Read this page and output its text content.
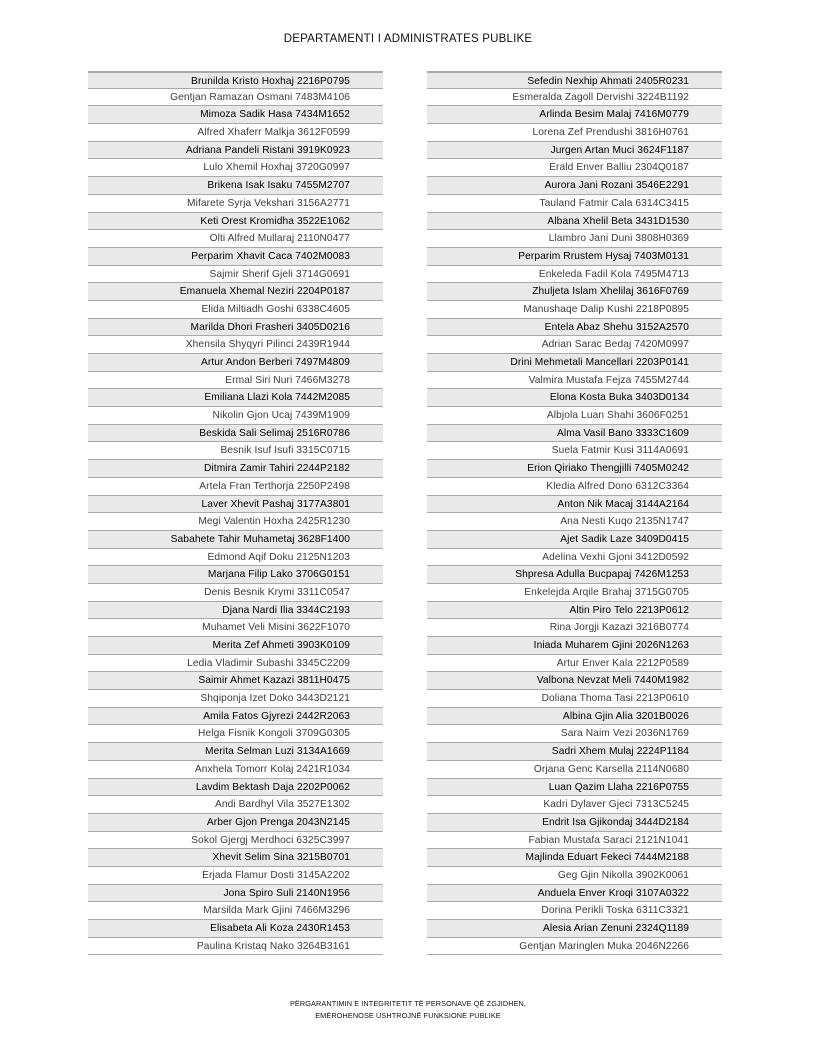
DEPARTAMENTI I ADMINISTRATES PUBLIKE
Brunilda Kristo Hoxhaj 2216P0795
Gentjan Ramazan Osmani 7483M4106
Mimoza Sadik Hasa 7434M1652
Alfred Xhaferr Malkja 3612F0599
Adriana Pandeli Ristani 3919K0923
Lulo Xhemil Hoxhaj 3720G0997
Brikena Isak Isaku 7455M2707
Mifarete Syrja Vekshari 3156A2771
Keti Orest Kromidha 3522E1062
Olti Alfred Mullaraj 2110N0477
Perparim Xhavit Caca 7402M0083
Sajmir Sherif Gjeli 3714G0691
Emanuela Xhemal Neziri 2204P0187
Elida Miltiadh Goshi 6338C4605
Marilda Dhori Frasheri 3405D0216
Xhensila Shyqyri Pilinci 2439R1944
Artur Andon Berberi 7497M4809
Ermal Siri Nuri 7466M3278
Emiliana Llazi Kola 7442M2085
Nikolin Gjon Ucaj 7439M1909
Beskida Sali Selimaj 2516R0786
Besnik Isuf Isufi 3315C0715
Ditmira Zamir Tahiri 2244P2182
Artela Fran Terthorja 2250P2498
Laver Xhevit Pashaj 3177A3801
Megi Valentin Hoxha 2425R1230
Sabahete Tahir Muhametaj 3628F1400
Edmond Aqif Doku 2125N1203
Marjana Filip Lako 3706G0151
Denis Besnik Krymi 3311C0547
Djana Nardi Ilia 3344C2193
Muhamet Veli Misini 3622F1070
Merita Zef Ahmeti 3903K0109
Ledia Vladimir Subashi 3345C2209
Saimir Ahmet Kazazi 3811H0475
Shqiponja Izet Doko 3443D2121
Amila Fatos Gjyrezi 2442R2063
Helga Fisnik Kongoli 3709G0305
Merita Selman Luzi 3134A1669
Anxhela Tomorr Kolaj 2421R1034
Lavdim Bektash Daja 2202P0062
Andi Bardhyl Vila 3527E1302
Arber Gjon Prenga 2043N2145
Sokol Gjergj Merdhoci 6325C3997
Xhevit Selim Sina 3215B0701
Erjada Flamur Dosti 3145A2202
Jona Spiro Suli 2140N1956
Marsilda Mark Gjini 7466M3296
Elisabeta Ali Koza 2430R1453
Paulina Kristaq Nako 3264B3161
Sefedin Nexhip Ahmati 2405R0231
Esmeralda Zagoll Dervishi 3224B1192
Arlinda Besim Malaj 7416M0779
Lorena Zef Prendushi 3816H0761
Jurgen Artan Muci 3624F1187
Erald Enver Balliu 2304Q0187
Aurora Jani Rozani 3546E2291
Tauland Fatmir Cala 6314C3415
Albana Xhelil Beta 3431D1530
Llambro Jani Duni 3808H0369
Perparim Rrustem Hysaj 7403M0131
Enkeleda Fadil Kola 7495M4713
Zhuljeta Islam Xhelilaj 3616F0769
Manushaqe Dalip Kushi 2218P0895
Entela Abaz Shehu 3152A2570
Adrian Sarac Bedaj 7420M0997
Drini Mehmetali Mancellari 2203P0141
Valmira Mustafa Fejza 7455M2744
Elona Kosta Buka 3403D0134
Albjola Luan Shahi 3606F0251
Alma Vasil Bano 3333C1609
Suela Fatmir Kusi 3114A0691
Erion Qiriako Thengjilli 7405M0242
Kledia Alfred Dono 6312C3364
Anton Nik Macaj 3144A2164
Ana Nesti Kuqo 2135N1747
Ajet Sadik Laze 3409D0415
Adelina Vexhi Gjoni 3412D0592
Shpresa Adulla Bucpapaj 7426M1253
Enkelejda Arqile Brahaj 3715G0705
Altin Piro Telo 2213P0612
Rina Jorgji Kazazi 3216B0774
Iniada Muharem Gjini 2026N1263
Artur Enver Kala 2212P0589
Valbona Nevzat Meli 7440M1982
Doliana Thoma Tasi 2213P0610
Albina Gjin Alia 3201B0026
Sara Naim Vezi 2036N1769
Sadri Xhem Mulaj 2224P1184
Orjana Genc Karsella 2114N0680
Luan Qazim Llaha 2216P0755
Kadri Dylaver Gjeci 7313C5245
Endrit Isa Gjikondaj 3444D2184
Fabian Mustafa Saraci 2121N1041
Majlinda Eduart Fekeci 7444M2188
Geg Gjin Nikolla 3902K0061
Anduela Enver Kroqi 3107A0322
Dorina Perikli Toska 6311C3321
Alesia Arian Zenuni 2324Q1189
Gentjan Maringlen Muka 2046N2266
PËRGARANTIMIN E INTEGRITETIT TË PERSONAVE QË ZGJIDHEN,
EMËROHENOSE USHTROJNË FUNKSIONE PUBLIKE
